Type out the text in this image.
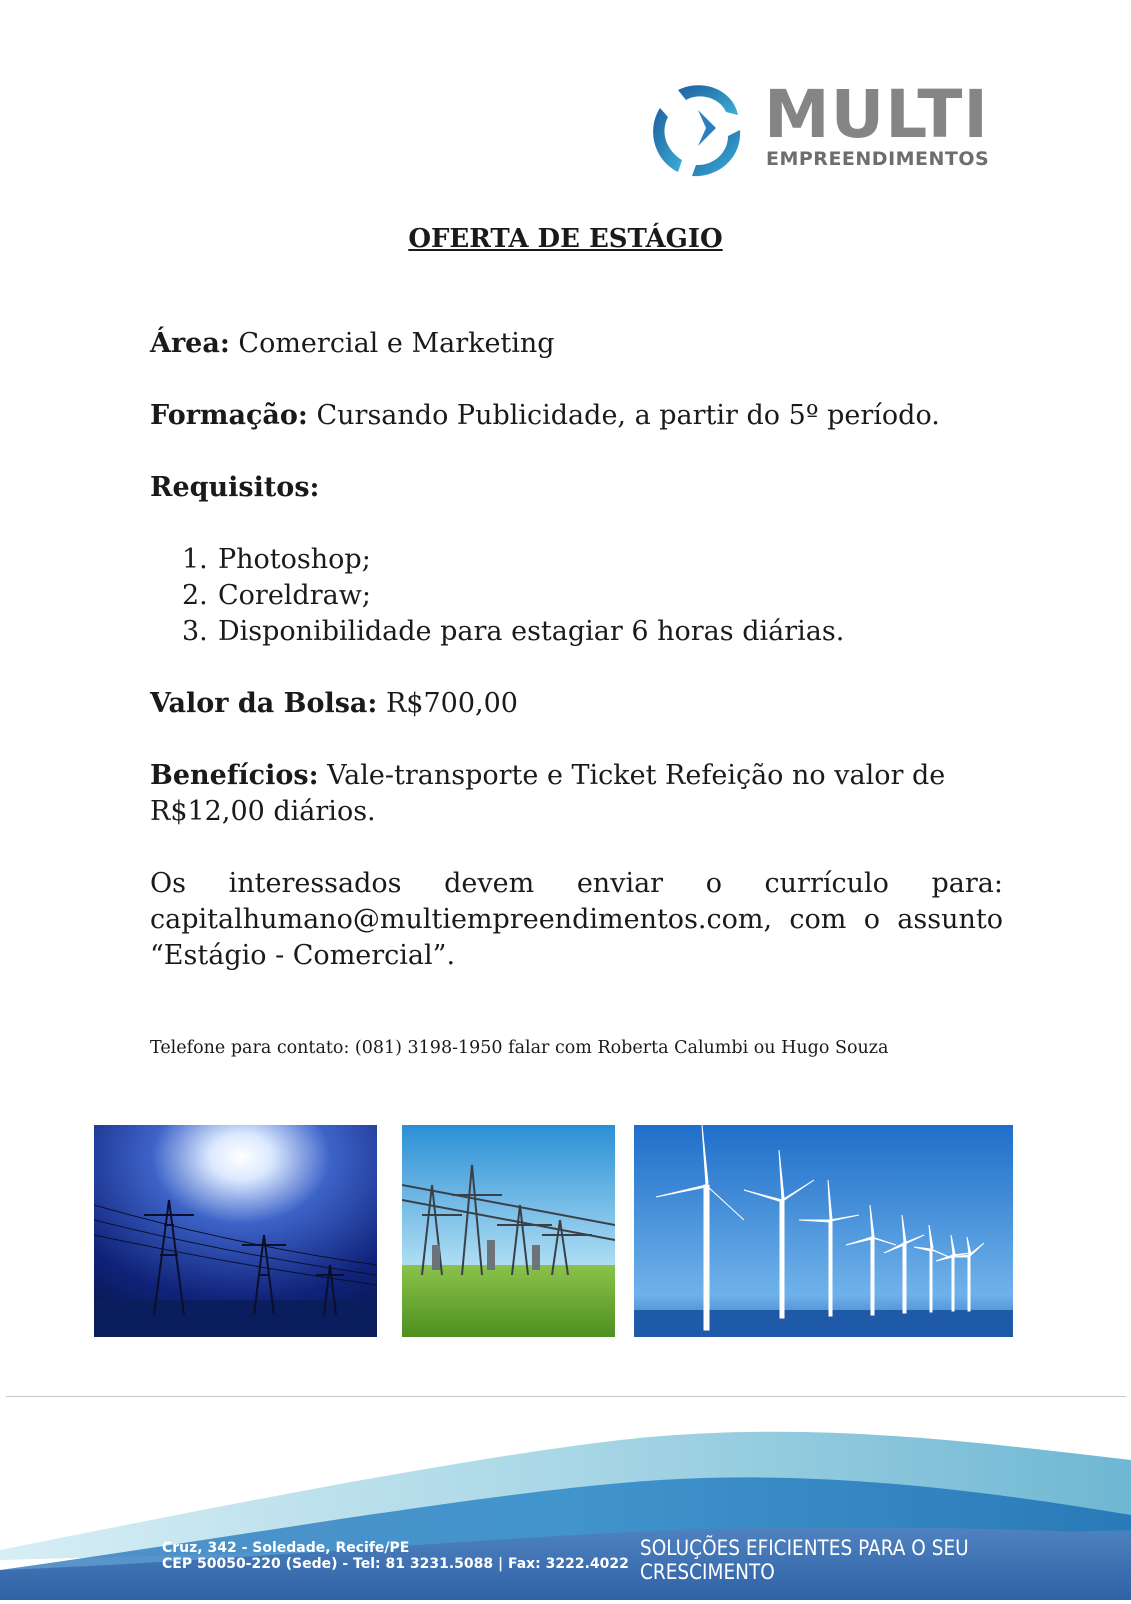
MULTI
EMPREENDIMENTOS
OFERTA DE ESTÁGIO

Área: Comercial e Marketing

Formação: Cursando Publicidade, a partir do 5º período.

Requisitos:

1. Photoshop;
2. Coreldraw;
3. Disponibilidade para estagiar 6 horas diárias.

Valor da Bolsa: R$700,00

Benefícios: Vale-transporte e Ticket Refeição no valor de R$12,00 diários.

Os interessados devem enviar o currículo para: capitalhumano@multiempreendimentos.com, com o assunto “Estágio - Comercial”.

Telefone para contato: (081) 3198-1950 falar com Roberta Calumbi ou Hugo Souza
Cruz, 342 - Soledade, Recife/PE
CEP 50050-220 (Sede) - Tel: 81 3231.5088 | Fax: 3222.4022
SOLUÇÕES EFICIENTES PARA O SEU CRESCIMENTO
